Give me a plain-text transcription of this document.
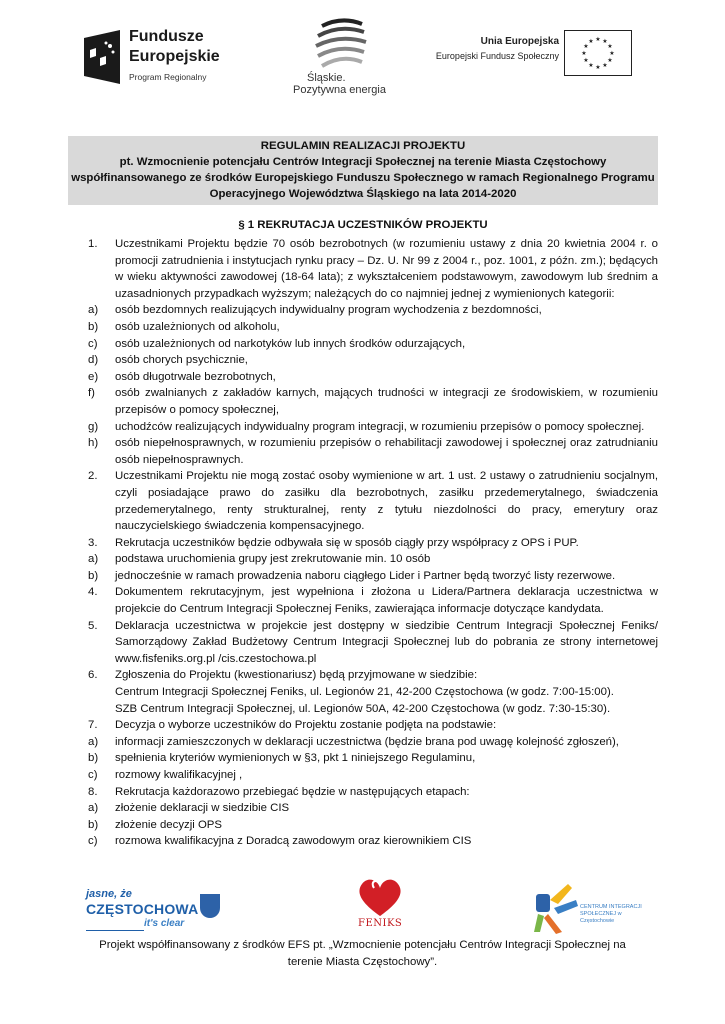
Fundusze
Europejskie
Program Regionalny	Śląskie.
Pozytywna energia
Unia Europejska
Europejski Fundusz Społeczny
★ ★
★
★
★
★
★
★
★
★
★
★
REGULAMIN REALIZACJI PROJEKTU
pt. Wzmocnienie potencjału Centrów Integracji Społecznej na terenie Miasta Częstochowy
współfinansowanego ze środków Europejskiego Funduszu Społecznego w ramach Regionalnego Programu
Operacyjnego Województwa Śląskiego na lata 2014-2020
§ 1 REKRUTACJA UCZESTNIKÓW PROJEKTU
1. Uczestnikami Projektu będzie 70 osób bezrobotnych (w rozumieniu ustawy z dnia 20 kwietnia 2004 r. o promocji zatrudnienia i instytucjach rynku pracy – Dz. U. Nr 99 z 2004 r., poz. 1001, z późn. zm.); będących w wieku aktywności zawodowej (18-64 lata); z wykształceniem podstawowym, zawodowym lub średnim a uzasadnionych przypadkach wyższym; należących do co najmniej jednej z wymienionych kategorii:
a) osób bezdomnych realizujących indywidualny program wychodzenia z bezdomności,
b) osób uzależnionych od alkoholu,
c) osób uzależnionych od narkotyków lub innych środków odurzających,
d) osób chorych psychicznie,
e) osób długotrwale bezrobotnych,
f) osób zwalnianych z zakładów karnych, mających trudności w integracji ze środowiskiem, w rozumieniu przepisów o pomocy społecznej,
g) uchodźców realizujących indywidualny program integracji, w rozumieniu przepisów o pomocy społecznej.
h) osób niepełnosprawnych, w rozumieniu przepisów o rehabilitacji zawodowej i społecznej oraz zatrudnianiu osób niepełnosprawnych.
2. Uczestnikami Projektu nie mogą zostać osoby wymienione w art. 1 ust. 2 ustawy o zatrudnieniu socjalnym, czyli posiadające prawo do zasiłku dla bezrobotnych, zasiłku przedemerytalnego, świadczenia przedemerytalnego, renty strukturalnej, renty z tytułu niezdolności do pracy, emerytury oraz nauczycielskiego świadczenia kompensacyjnego.
3. Rekrutacja uczestników będzie odbywała się w sposób ciągły przy współpracy z OPS i PUP.
a) podstawa uruchomienia grupy jest zrekrutowanie min. 10 osób
b) jednocześnie w ramach prowadzenia naboru ciągłego Lider i Partner będą tworzyć listy rezerwowe.
4. Dokumentem rekrutacyjnym, jest wypełniona i złożona u Lidera/Partnera deklaracja uczestnictwa w projekcie do Centrum Integracji Społecznej Feniks, zawierająca informacje dotyczące kandydata.
5. Deklaracja uczestnictwa w projekcie jest dostępny w siedzibie Centrum Integracji Społecznej Feniks/ Samorządowy Zakład Budżetowy Centrum Integracji Społecznej lub do pobrania ze strony internetowej www.fisfeniks.org.pl /cis.czestochowa.pl
6. Zgłoszenia do Projektu (kwestionariusz) będą przyjmowane w siedzibie:
Centrum Integracji Społecznej Feniks, ul. Legionów 21, 42-200 Częstochowa (w godz. 7:00-15:00).
SZB Centrum Integracji Społecznej, ul. Legionów 50A, 42-200 Częstochowa (w godz. 7:30-15:30).
7. Decyzja o wyborze uczestników do Projektu zostanie podjęta na podstawie:
a) informacji zamieszczonych w deklaracji uczestnictwa (będzie brana pod uwagę kolejność zgłoszeń),
b) spełnienia kryteriów wymienionych w §3, pkt 1 niniejszego Regulaminu,
c) rozmowy kwalifikacyjnej ,
8. Rekrutacja każdorazowo przebiegać będzie w następujących etapach:
a) złożenie deklaracji w siedzibie CIS
b) złożenie decyzji OPS
c) rozmowa kwalifikacyjna z Doradcą zawodowym oraz kierownikiem CIS
jasne, że
CZĘSTOCHOWA
it's clear	FENIKS
CENTRUM INTEGRACJI SPOŁECZNEJ w Częstochowie
Projekt współfinansowany z środków EFS pt. „Wzmocnienie potencjału Centrów Integracji Społecznej na
terenie Miasta Częstochowy”.
